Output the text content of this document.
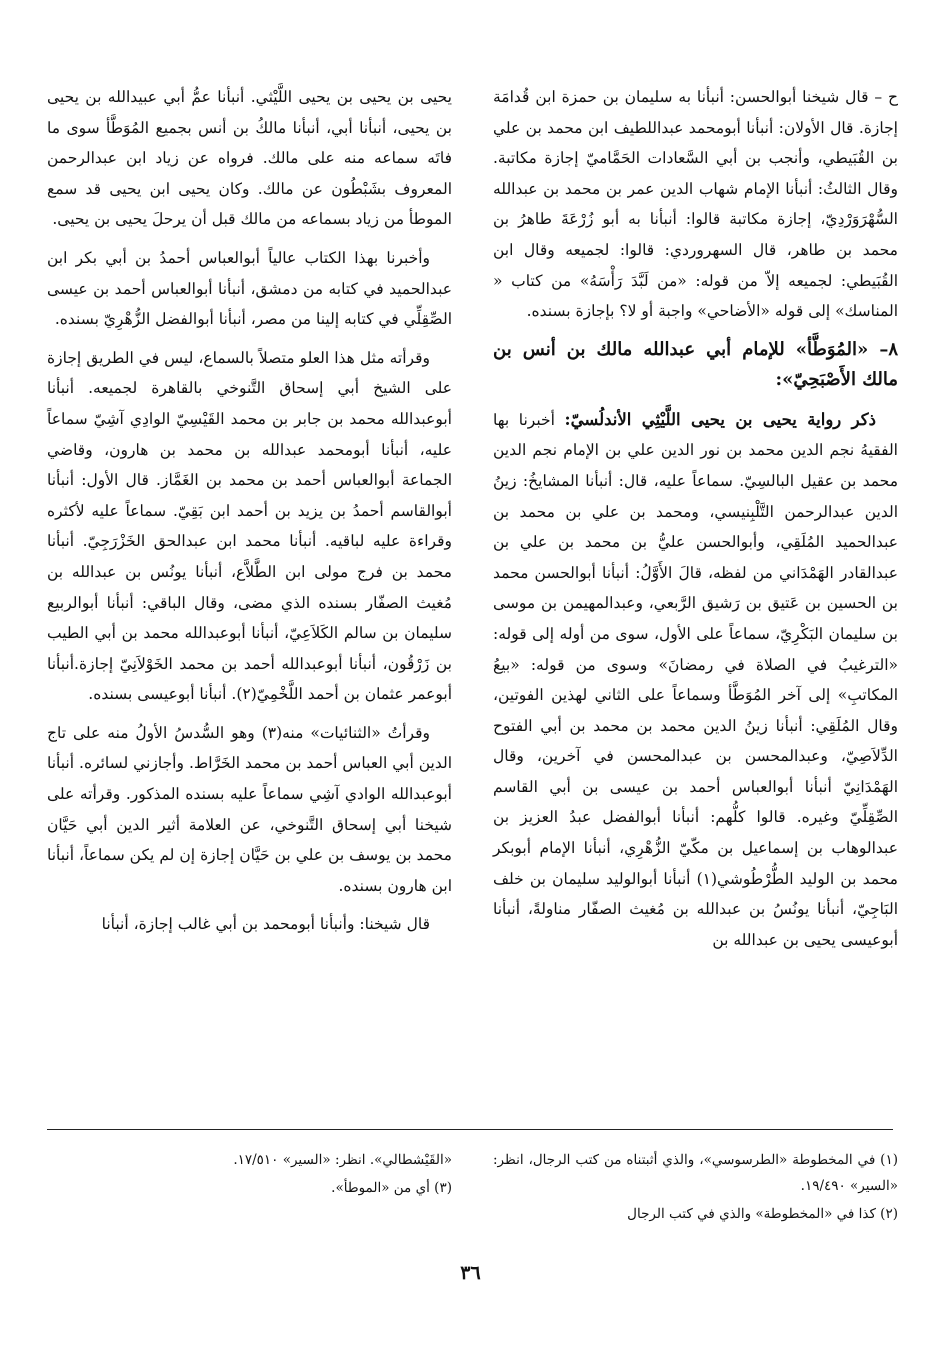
ح – قال شيخنا أبوالحسن: أنبأنا به سليمان بن حمزة ابن قُدامَة إجازة. قال الأولان: أنبأنا أبومحمد عبداللطيف ابن محمد بن علي بن القُبَيطي، وأنجب بن أبي السَّعادات الحَمَّاميّ إجازة مكاتبة. وقال الثالثُ: أنبأنا الإمام شهاب الدين عمر بن محمد بن عبدالله السُّهْرَوَرْدِيّ، إجازة مكاتبة قالوا: أنبأنا به أبو زُرْعَةَ طاهرُ بن محمد بن طاهر، قال السهروردي: قالوا: لجميعه وقال ابن القُبَيطي: لجميعه إلاّ من قوله: «من لَبَّدَ رَأْسَهُ» من كتاب « المناسك» إلى قوله «الأضاحي» واجبة أو لا؟ بإجازة بسنده.

٨– «المُوَطَّأ» للإمام أبي عبدالله مالك بن أنس بن مالك الأَصْبَحِيّ»:

ذكر رواية يحيى بن يحيى اللَّيْثِي الأندلُسيّ: أخبرنا بها الفقيهُ نجم الدين محمد بن نور الدين علي بن الإمام نجم الدين محمد بن عقيل البالسِيّ. سماعاً عليه، قال: أنبأنا المشايخُ: زينُ الدين عبدالرحمن التَّلْبِنيسي، ومحمد بن علي بن محمد بن عبدالحميد المُلَقِي، وأبوالحسن عليُّ بن محمد بن علي بن عبدالقادر الهَمْدَاني من لفظه، قالَ الأَوَّلُ: أنبأنا أبوالحسن محمد بن الحسين بن عَتيق بن رَشيق الرَّبعي، وعبدالمهيمن بن موسى بن سليمان البَكْرِيّ، سماعاً على الأول، سوى من أوله إلى قوله: «الترغيبُ في الصلاة في رمضانَ» وسوى من قوله: «بيعُ المكاتبِ» إلى آخر المُوَطَّأ وسماعاً على الثاني لهذين الفوتين، وقال المُلَقِي: أنبأنا زينُ الدين محمد بن محمد بن أبي الفتوح الدِّلاَصِيّ، وعبدالمحسن بن عبدالمحسن في آخرين، وقال الهَمْدَانِيّ أنبأنا أبوالعباس أحمد بن عيسى بن أبي القاسم الصِّقِلِّيّ وغيره. قالوا كلُّهم: أنبأنا أبوالفضل عبدُ العزيز بن عبدالوهاب بن إسماعيل بن مكّيّ الزُّهْرِي، أنبأنا الإمام أبوبكر محمد بن الوليد الطُّرْطُوشي(١) أنبأنا أبوالوليد سليمان بن خلف البَاجِيّ، أنبأنا يونُسُ بن عبدالله بن مُغيث الصفّار مناولةً، أنبأنا أبوعيسى يحيى بن عبدالله بن

يحيى بن يحيى بن يحيى اللَّيْثي. أنبأنا عمُّ أبي عبيدالله بن يحيى بن يحيى، أنبأنا أبي، أنبأنا مالكُ بن أنس بجميع المُوَطَّأ سوى ما فاتَه سماعه منه على مالك. فرواه عن زياد ابن عبدالرحمن المعروف بشَبْطُون عن مالك. وكان يحيى ابن يحيى قد سمع الموطأ من زياد بسماعه من مالك قبل أن يرحلَ يحيى بن يحيى.

وأخبرنا بهذا الكتاب عالياً أبوالعباس أحمدُ بن أبي بكر ابن عبدالحميد في كتابه من دمشق، أنبأنا أبوالعباس أحمد بن عيسى الصِّقِلِّي في كتابه إلينا من مصر، أنبأنا أبوالفضل الزُّهْرِيّ بسنده.

وقرأته مثل هذا العلو متصلاً بالسماع، ليس في الطريق إجازة على الشيخ أبي إسحاق التَّنوخي بالقاهرة لجميعه. أنبأنا أبوعبدالله محمد بن جابر بن محمد القَيْسِيّ الوادِي آشِيّ سماعاً عليه، أنبأنا أبومحمد عبدالله بن محمد بن هارون، وقاضي الجماعة أبوالعباس أحمد بن محمد بن الغَمَّاز. قال الأول: أنبأنا أبوالقاسم أحمدُ بن يزيد بن أحمد ابن بَقِيّ. سماعاً عليه لأكثره وقراءة عليه لباقيه. أنبأنا محمد ابن عبدالحق الخَزْرَجِيّ. أنبأنا محمد بن فرج مولى ابن الطَّلاَّع، أنبأنا يونُس بن عبدالله بن مُغيث الصفّار بسنده الذي مضى، وقال الباقي: أنبأنا أبوالربيع سليمان بن سالم الكَلاَعِيّ، أنبأنا أبوعبدالله محمد بن أبي الطيب بن زَرْقُون، أنبأنا أبوعبدالله أحمد بن محمد الخَوْلاَنِيّ إجازة.أنبأنا أبوعمر عثمان بن أحمد اللَّخْمِيّ(٢). أنبأنا أبوعيسى بسنده.

وقرأتُ «الثنائيات» منه(٣) وهو السُّدسُ الأولُ منه على تاج الدين أبي العباس أحمد بن محمد الخَرَّاط. وأجازني لسائره. أنبأنا أبوعبدالله الوادي آشِي سماعاً عليه بسنده المذكور. وقرأته على شيخنا أبي إسحاق التَّنوخي، عن العلامة أثير الدين أبي حَيَّان محمد بن يوسف بن علي بن حَيَّان إجازة إن لم يكن سماعاً، أنبأنا ابن هارون بسنده.

قال شيخنا: وأنبأنا أبومحمد بن أبي غالب إجازة، أنبأنا

(١) في المخطوطة «الطرسوسي»، والذي أثبتناه من كتب الرجال، انظر: «السير» ١٩/٤٩٠.
(٢) كذا في «المخطوطة» والذي في كتب الرجال
«القَيْشطالي». انظر: «السير» ١٧/٥١٠.
(٣) أي من «الموطأ».
٣٦
